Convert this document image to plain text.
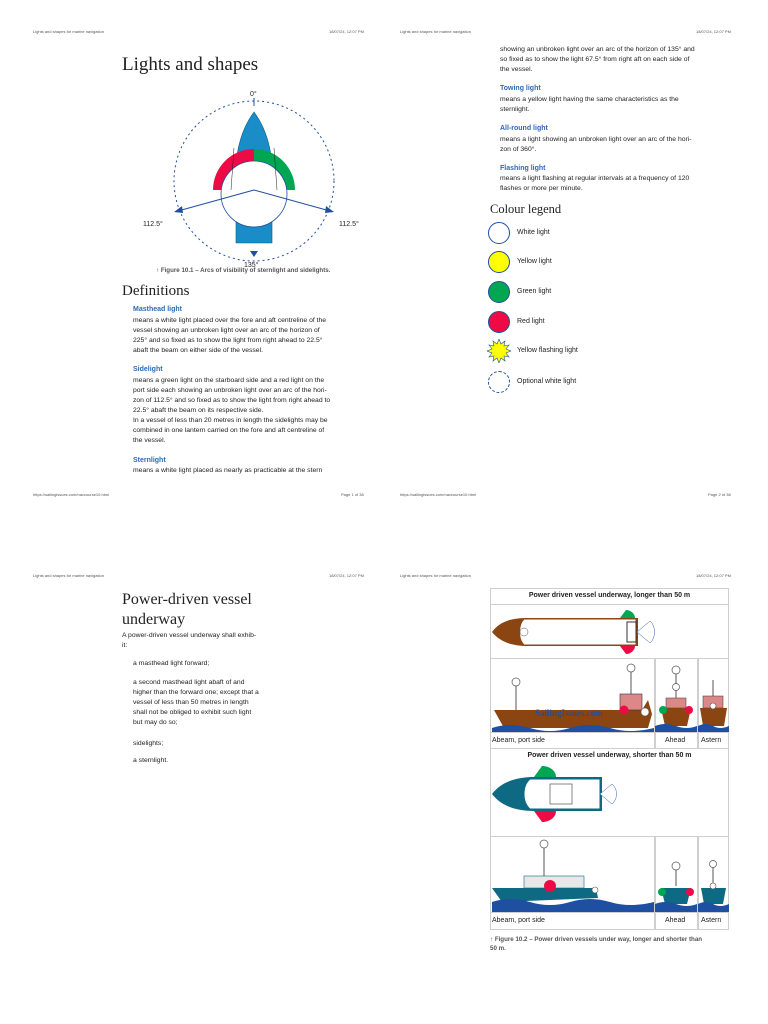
Lights and shapes for marine navigation	18/07/24, 12:07 PM
Lights and shapes
0°
112.5°	112.5°
135°
↑ Figure 10.1 – Arcs of visibility of sternlight and sidelights.
Definitions
Masthead light
means a white light placed over the fore and aft centreline of the
vessel showing an unbroken light over an arc of the horizon of
225° and so fixed as to show the light from right ahead to 22.5°
abaft the beam on either side of the vessel.
Sidelight
means a green light on the starboard side and a red light on the
port side each showing an unbroken light over an arc of the hori-
zon of 112.5° and so fixed as to show the light from right ahead to
22.5° abaft the beam on its respective side.
In a vessel of less than 20 metres in length the sidelights may be
combined in one lantern carried on the fore and aft centreline of
the vessel.
Sternlight
means a white light placed as nearly as practicable at the stern
https://sailingissues.com/navcourse10.html	Page 1 of 38
Lights and shapes for marine navigation	18/07/24, 12:07 PM
showing an unbroken light over an arc of the horizon of 135° and
so fixed as to show the light 67.5° from right aft on each side of
the vessel.
Towing light
means a yellow light having the same characteristics as the
sternlight.
All-round light
means a light showing an unbroken light over an arc of the hori-
zon of 360°.
Flashing light
means a light flashing at regular intervals at a frequency of 120
flashes or more per minute.
Colour legend
https://sailingissues.com/navcourse10.html	Page 2 of 38
White light
Yellow light
Green light
Red light
Yellow flashing light
Optional white light
Lights and shapes for marine navigation	18/07/24, 12:07 PM
Power-driven vessel
underway
A power-driven vessel underway shall exhib-
it:
a masthead light forward;
a second masthead light abaft of and
higher than the forward one; except that a
vessel of less than 50 metres in length
shall not be obliged to exhibit such light
but may do so;
sidelights;
a sternlight.
Lights and shapes for marine navigation	18/07/24, 12:07 PM
Power driven vessel underway, longer than 50 m
SailingIssues.com
Abeam, port side	Ahead Astern
Power driven vessel underway, shorter than 50 m
Abeam, port side	Ahead Astern
↑ Figure 10.2 – Power driven vessels under way, longer and shorter than
50 m.
